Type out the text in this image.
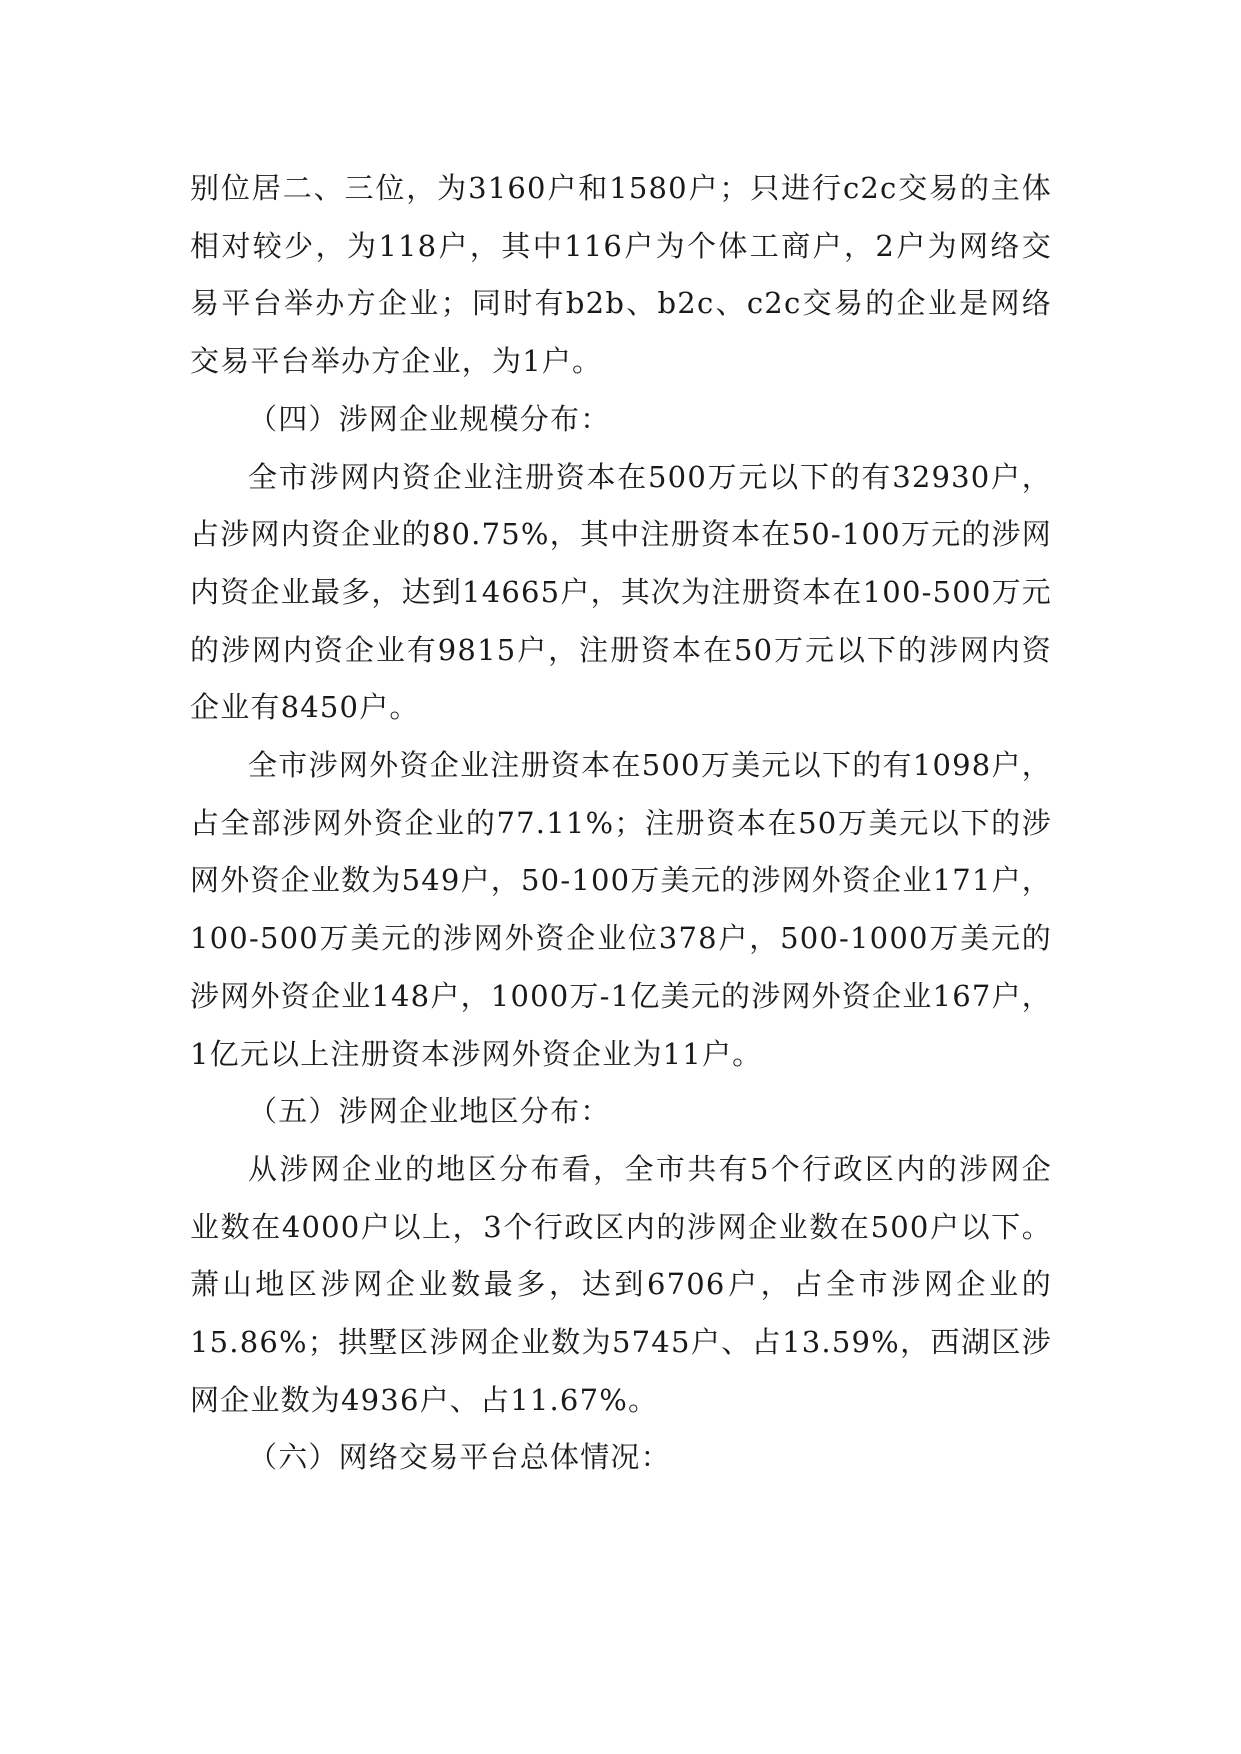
别位居二、三位，为3160户和1580户；只进行c2c交易的主体相对较少，为118户，其中116户为个体工商户，2户为网络交易平台举办方企业；同时有b2b、b2c、c2c交易的企业是网络交易平台举办方企业，为1户。

（四）涉网企业规模分布：

全市涉网内资企业注册资本在500万元以下的有32930户，占涉网内资企业的80.75%，其中注册资本在50-100万元的涉网内资企业最多，达到14665户，其次为注册资本在100-500万元的涉网内资企业有9815户，注册资本在50万元以下的涉网内资企业有8450户。

全市涉网外资企业注册资本在500万美元以下的有1098户，占全部涉网外资企业的77.11%；注册资本在50万美元以下的涉网外资企业数为549户，50-100万美元的涉网外资企业171户，100-500万美元的涉网外资企业位378户，500-1000万美元的涉网外资企业148户，1000万-1亿美元的涉网外资企业167户，1亿元以上注册资本涉网外资企业为11户。

（五）涉网企业地区分布：

从涉网企业的地区分布看，全市共有5个行政区内的涉网企业数在4000户以上，3个行政区内的涉网企业数在500户以下。萧山地区涉网企业数最多，达到6706户，占全市涉网企业的15.86%；拱墅区涉网企业数为5745户、占13.59%，西湖区涉网企业数为4936户、占11.67%。

（六）网络交易平台总体情况：
